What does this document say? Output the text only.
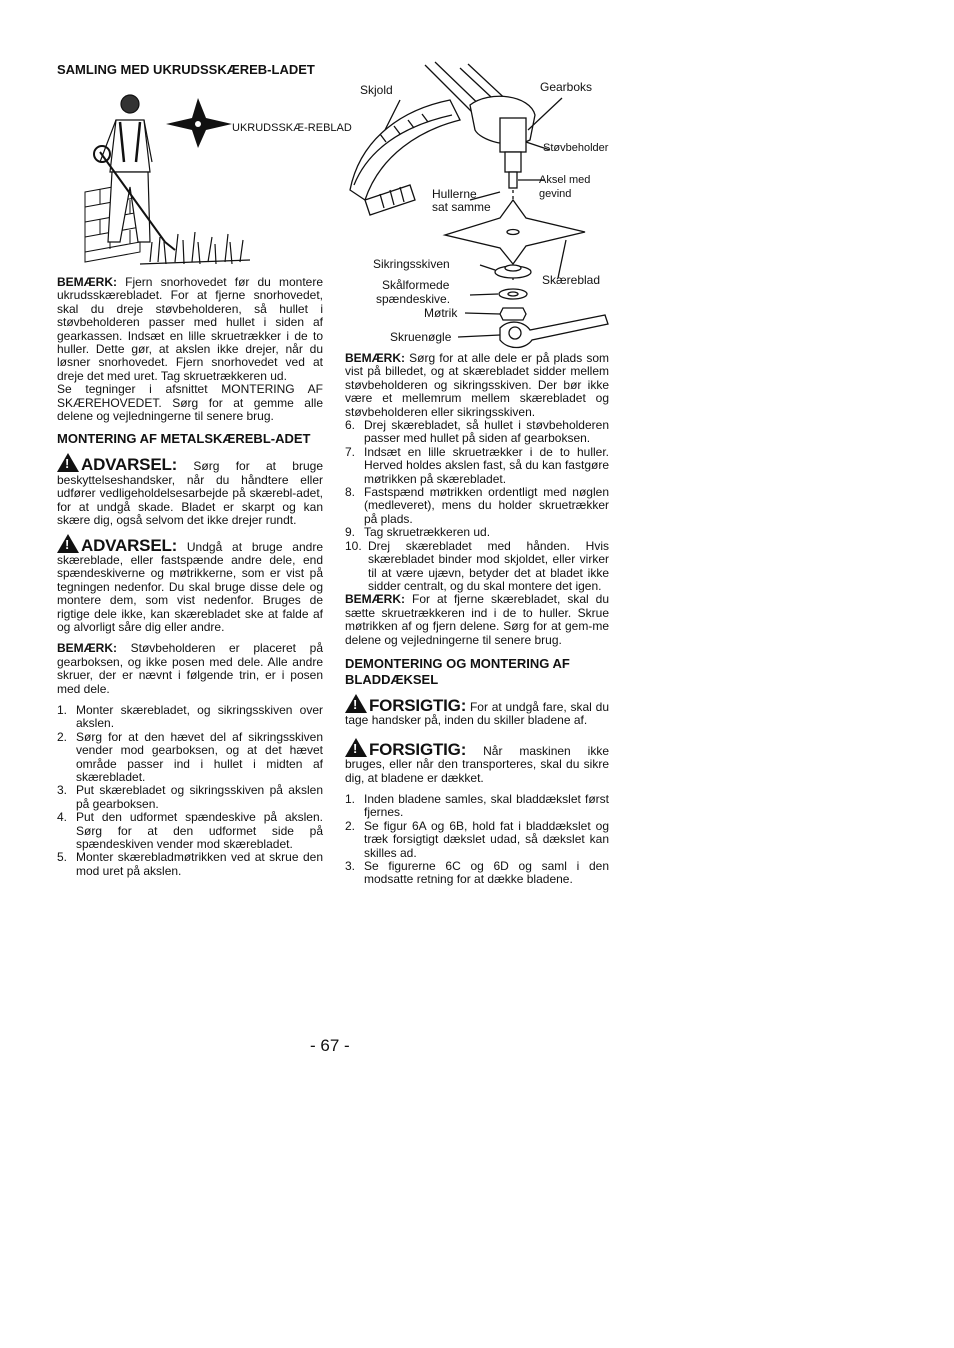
SAMLING MED UKRUDSSKÆREB-LADET

BEMÆRK: Fjern snorhovedet før du montere ukrudsskærebladet. For at fjerne snorhovedet, skal du dreje støvbeholderen, så hullet i støvbeholderen passer med hullet i siden af gearkassen. Indsæt en lille skruetrækker i de to huller. Dette gør, at akslen ikke drejer, når du løsner snorhovedet. Fjern snorhovedet ved at dreje det med uret. Tag skruetrækkeren ud.

Se tegninger i afsnittet MONTERING AF SKÆREHOVEDET. Sørg for at gemme alle delene og vejledningerne til senere brug.

MONTERING AF METALSKÆREBL-ADET

!ADVARSEL: Sørg for at bruge beskyttelseshandsker, når du håndtere eller udfører vedligeholdelsesarbejde på skærebl-adet, for at undgå skade. Bladet er skarpt og kan skære dig, også selvom det ikke drejer rundt.

!ADVARSEL: Undgå at bruge andre skæreblade, eller fastspænde andre dele, end spændeskiverne og møtrikkerne, som er vist på tegningen nedenfor. Du skal bruge disse dele og montere dem, som vist nedenfor. Bruges de rigtige dele ikke, kan skærebladet ske at falde af og alvorligt såre dig eller andre.

BEMÆRK: Støvbeholderen er placeret på gearboksen, og ikke posen med dele. Alle andre skruer, der er nævnt i følgende trin, er i posen med dele.

1. Monter skærebladet, og sikringsskiven over akslen.
2. Sørg for at den hævet del af sikringsskiven vender mod gearboksen, og at det hævet område passer ind i hullet i midten af skærebladet.
3. Put skærebladet og sikringsskiven på akslen på gearboksen.
4. Put den udformet spændeskive på akslen. Sørg for at den udformet side på spændeskiven vender mod skærebladet.
5. Monter skærebladmøtrikken ved at skrue den mod uret på akslen.
UKRUDSSKÆ-REBLAD
Skjold	Gearboks
Støvbeholder
Aksel med
gevind
Hullerne
sat samme
Sikringsskiven
Skæreblad
Skålformede
spændeskive.
Møtrik
Skruenøgle

BEMÆRK: Sørg for at alle dele er på plads som vist på billedet, og at skærebladet sidder mellem støvbeholderen og sikringsskiven. Der bør ikke være et mellemrum mellem skærebladet og støvbeholderen eller sikringsskiven.

6. Drej skærebladet, så hullet i støvbeholderen passer med hullet på siden af gearboksen.
7. Indsæt en lille skruetrækker i de to huller. Herved holdes akslen fast, så du kan fastgøre møtrikken på skærebladet.
8. Fastspænd møtrikken ordentligt med nøglen (medleveret), mens du holder skruetrækker på plads.
9. Tag skruetrækkeren ud.
10. Drej skærebladet med hånden. Hvis skærebladet binder mod skjoldet, eller virker til at være ujævn, betyder det at bladet ikke sidder centralt, og du skal montere det igen.

BEMÆRK: For at fjerne skærebladet, skal du sætte skruetrækkeren ind i de to huller. Skrue møtrikken af og fjern delene. Sørg for at gem-me delene og vejledningerne til senere brug.

DEMONTERING OG MONTERING AF BLADDÆKSEL

!FORSIGTIG: For at undgå fare, skal du tage handsker på, inden du skiller bladene af.

!FORSIGTIG: Når maskinen ikke bruges, eller når den transporteres, skal du sikre dig, at bladene er dækket.

1. Inden bladene samles, skal bladdækslet først fjernes.
2. Se figur 6A og 6B, hold fat i bladdækslet og træk forsigtigt dækslet udad, så dækslet kan skilles ad.
3. Se figurerne 6C og 6D og saml i den modsatte retning for at dække bladene.
- 67 -
